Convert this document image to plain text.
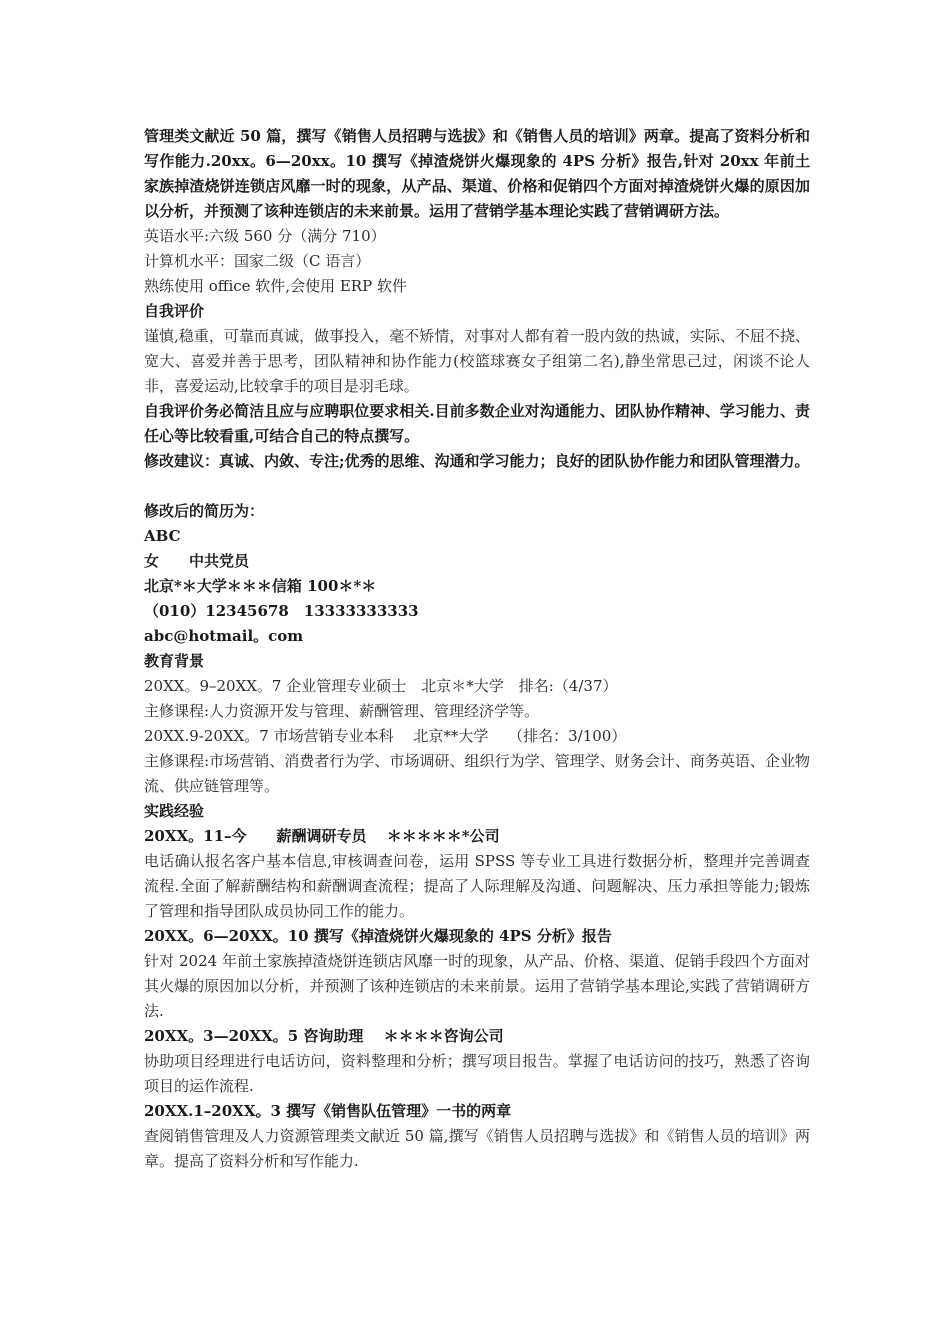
管理类文献近 50 篇，撰写《销售人员招聘与选拔》和《销售人员的培训》两章。提高了资料分析和写作能力.20xx。6—20xx。10 撰写《掉渣烧饼火爆现象的 4PS 分析》报告,针对 20xx 年前土家族掉渣烧饼连锁店风靡一时的现象，从产品、渠道、价格和促销四个方面对掉渣烧饼火爆的原因加以分析，并预测了该种连锁店的未来前景。运用了营销学基本理论实践了营销调研方法。

英语水平:六级 560 分（满分 710）

计算机水平：国家二级（C 语言）

熟练使用 office 软件,会使用 ERP 软件

自我评价

谨慎,稳重，可靠而真诚，做事投入，毫不矫情，对事对人都有着一股内敛的热诚，实际、不屈不挠、宽大、喜爱并善于思考，团队精神和协作能力(校篮球赛女子组第二名),静坐常思己过，闲谈不论人非，喜爱运动,比较拿手的项目是羽毛球。

自我评价务必简洁且应与应聘职位要求相关.目前多数企业对沟通能力、团队协作精神、学习能力、责任心等比较看重,可结合自己的特点撰写。

修改建议：真诚、内敛、专注;优秀的思维、沟通和学习能力；良好的团队协作能力和团队管理潜力。

修改后的简历为：

ABC

女　　中共党员

北京*＊大学＊＊＊信箱 100＊*＊

（010）12345678　13333333333

abc@hotmail。com

教育背景

20XX。9–20XX。7 企业管理专业硕士　北京＊*大学　排名:（4/37）

主修课程:人力资源开发与管理、薪酬管理、管理经济学等。

20XX.9-20XX。7 市场营销专业本科　 北京**大学　 （排名：3/100）

主修课程:市场营销、消费者行为学、市场调研、组织行为学、管理学、财务会计、商务英语、企业物流、供应链管理等。

实践经验

20XX。11–今　　薪酬调研专员　 ＊＊＊＊＊*公司

电话确认报名客户基本信息,审核调查问卷，运用 SPSS 等专业工具进行数据分析，整理并完善调查流程.全面了解薪酬结构和薪酬调查流程；提高了人际理解及沟通、问题解决、压力承担等能力;锻炼了管理和指导团队成员协同工作的能力。

20XX。6—20XX。10 撰写《掉渣烧饼火爆现象的 4PS 分析》报告

针对 2024 年前土家族掉渣烧饼连锁店风靡一时的现象，从产品、价格、渠道、促销手段四个方面对其火爆的原因加以分析，并预测了该种连锁店的未来前景。运用了营销学基本理论,实践了营销调研方法.

20XX。3—20XX。5 咨询助理　 ＊＊＊＊咨询公司

协助项目经理进行电话访问，资料整理和分析；撰写项目报告。掌握了电话访问的技巧，熟悉了咨询项目的运作流程.

20XX.1–20XX。3 撰写《销售队伍管理》一书的两章

查阅销售管理及人力资源管理类文献近 50 篇,撰写《销售人员招聘与选拔》和《销售人员的培训》两章。提高了资料分析和写作能力.
